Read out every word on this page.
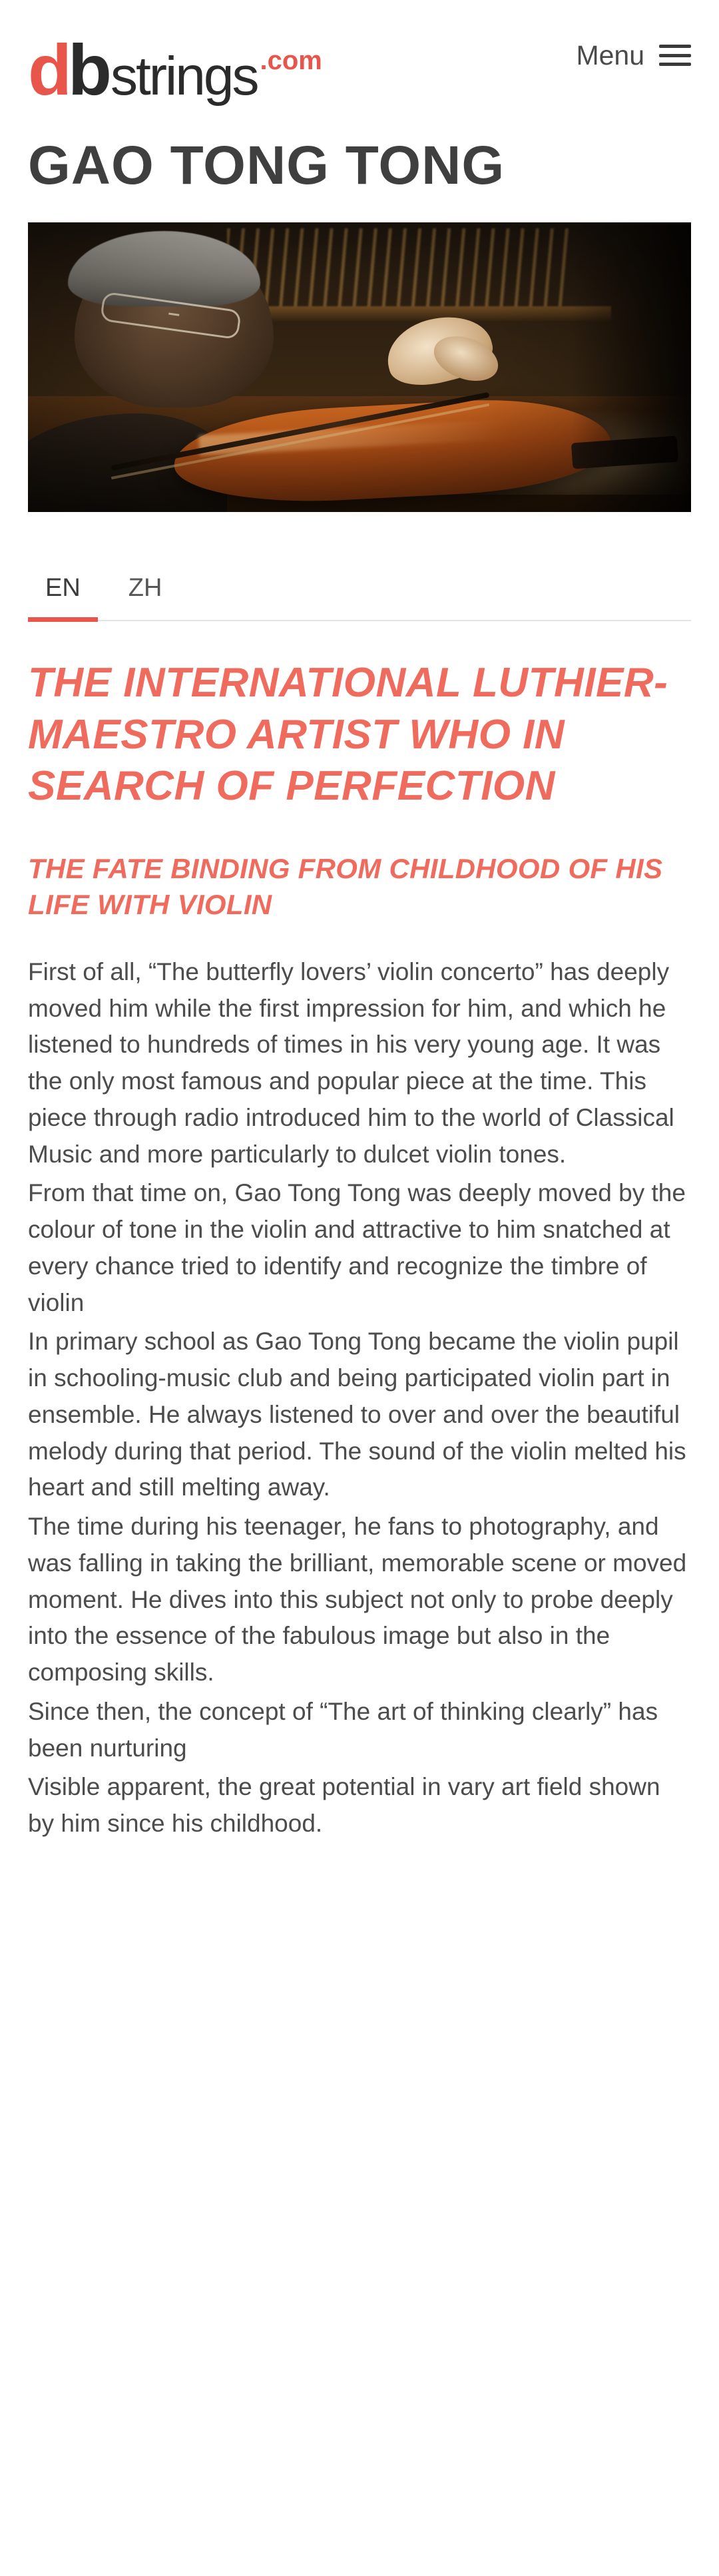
d b strings .com	Menu
GAO TONG TONG
EN ZH
THE INTERNATIONAL LUTHIER- MAESTRO ARTIST WHO IN SEARCH OF PERFECTION
THE FATE BINDING FROM CHILDHOOD OF HIS LIFE WITH VIOLIN

First of all, “The butterfly lovers’ violin concerto” has deeply moved him while the first impression for him, and which he listened to hundreds of times in his very young age. It was the only most famous and popular piece at the time. This piece through radio introduced him to the world of Classical Music and more particularly to dulcet violin tones.

From that time on, Gao Tong Tong was deeply moved by the colour of tone in the violin and attractive to him snatched at every chance tried to identify and recognize the timbre of violin

In primary school as Gao Tong Tong became the violin pupil in schooling-music club and being participated violin part in ensemble. He always listened to over and over the beautiful melody during that period. The sound of the violin melted his heart and still melting away.

The time during his teenager, he fans to photography, and was falling in taking the brilliant, memorable scene or moved moment. He dives into this subject not only to probe deeply into the essence of the fabulous image but also in the composing skills.

Since then, the concept of “The art of thinking clearly” has been nurturing

Visible apparent, the great potential in vary art field shown by him since his childhood.
